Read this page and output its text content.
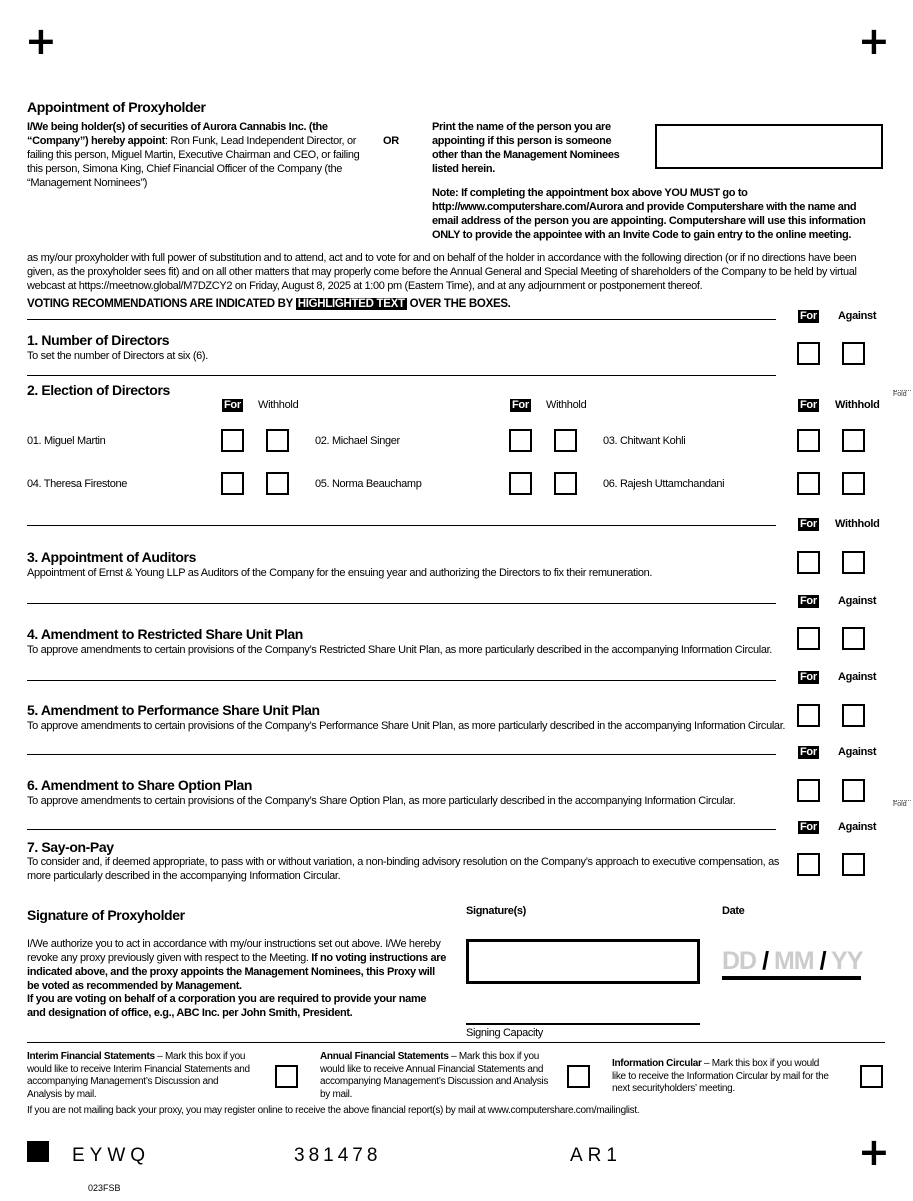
+	+
+
Appointment of Proxyholder
I/We being holder(s) of securities of Aurora Cannabis Inc. (the “Company”) hereby appoint: Ron Funk, Lead Independent Director, or failing this person, Miguel Martin, Executive Chairman and CEO, or failing this person, Simona King, Chief Financial Officer of the Company (the “Management Nominees”)
OR
Print the name of the person you are appointing if this person is someone other than the Management Nominees listed herein.
Note: If completing the appointment box above YOU MUST go to http://www.computershare.com/Aurora and provide Computershare with the name and email address of the person you are appointing. Computershare will use this information ONLY to provide the appointee with an Invite Code to gain entry to the online meeting.
as my/our proxyholder with full power of substitution and to attend, act and to vote for and on behalf of the holder in accordance with the following direction (or if no directions have been given, as the proxyholder sees fit) and on all other matters that may properly come before the Annual General and Special Meeting of shareholders of the Company to be held by virtual webcast at https://meetnow.global/M7DZCY2 on Friday, August 8, 2025 at 1:00 pm (Eastern Time), and at any adjournment or postponement thereof.
VOTING RECOMMENDATIONS ARE INDICATED BY HIGHLIGHTED TEXT OVER THE BOXES.
For Against
1. Number of Directors
To set the number of Directors at six (6).
2. Election of Directors	Fold
For Withhold	For Withhold	For Withhold
01. Miguel Martin	02. Michael Singer	03. Chitwant Kohli
04. Theresa Firestone	05. Norma Beauchamp	06. Rajesh Uttamchandani
For Withhold
3. Appointment of Auditors
Appointment of Ernst & Young LLP as Auditors of the Company for the ensuing year and authorizing the Directors to fix their remuneration.
For Against
4. Amendment to Restricted Share Unit Plan
To approve amendments to certain provisions of the Company’s Restricted Share Unit Plan, as more particularly described in the accompanying Information Circular.
For Against
5. Amendment to Performance Share Unit Plan
To approve amendments to certain provisions of the Company’s Performance Share Unit Plan, as more particularly described in the accompanying Information Circular.
For Against
6. Amendment to Share Option Plan
To approve amendments to certain provisions of the Company’s Share Option Plan, as more particularly described in the accompanying Information Circular.	Fold
For Against
7. Say-on-Pay
To consider and, if deemed appropriate, to pass with or without variation, a non-binding advisory resolution on the Company’s approach to executive compensation, as more particularly described in the accompanying Information Circular.
Signature of Proxyholder
I/We authorize you to act in accordance with my/our instructions set out above. I/We hereby revoke any proxy previously given with respect to the Meeting. If no voting instructions are indicated above, and the proxy appoints the Management Nominees, this Proxy will be voted as recommended by Management.
If you are voting on behalf of a corporation you are required to provide your name and designation of office, e.g., ABC Inc. per John Smith, President.
Signature(s)
Signing Capacity
Date
DD / MM / YY
Interim Financial Statements – Mark this box if you would like to receive Interim Financial Statements and accompanying Management’s Discussion and Analysis by mail.
Annual Financial Statements – Mark this box if you would like to receive Annual Financial Statements and accompanying Management’s Discussion and Analysis by mail.
Information Circular – Mark this box if you would like to receive the Information Circular by mail for the next securityholders’ meeting.
If you are not mailing back your proxy, you may register online to receive the above financial report(s) by mail at www.computershare.com/mailinglist.
EYWQ	381478	AR1
023FSB
